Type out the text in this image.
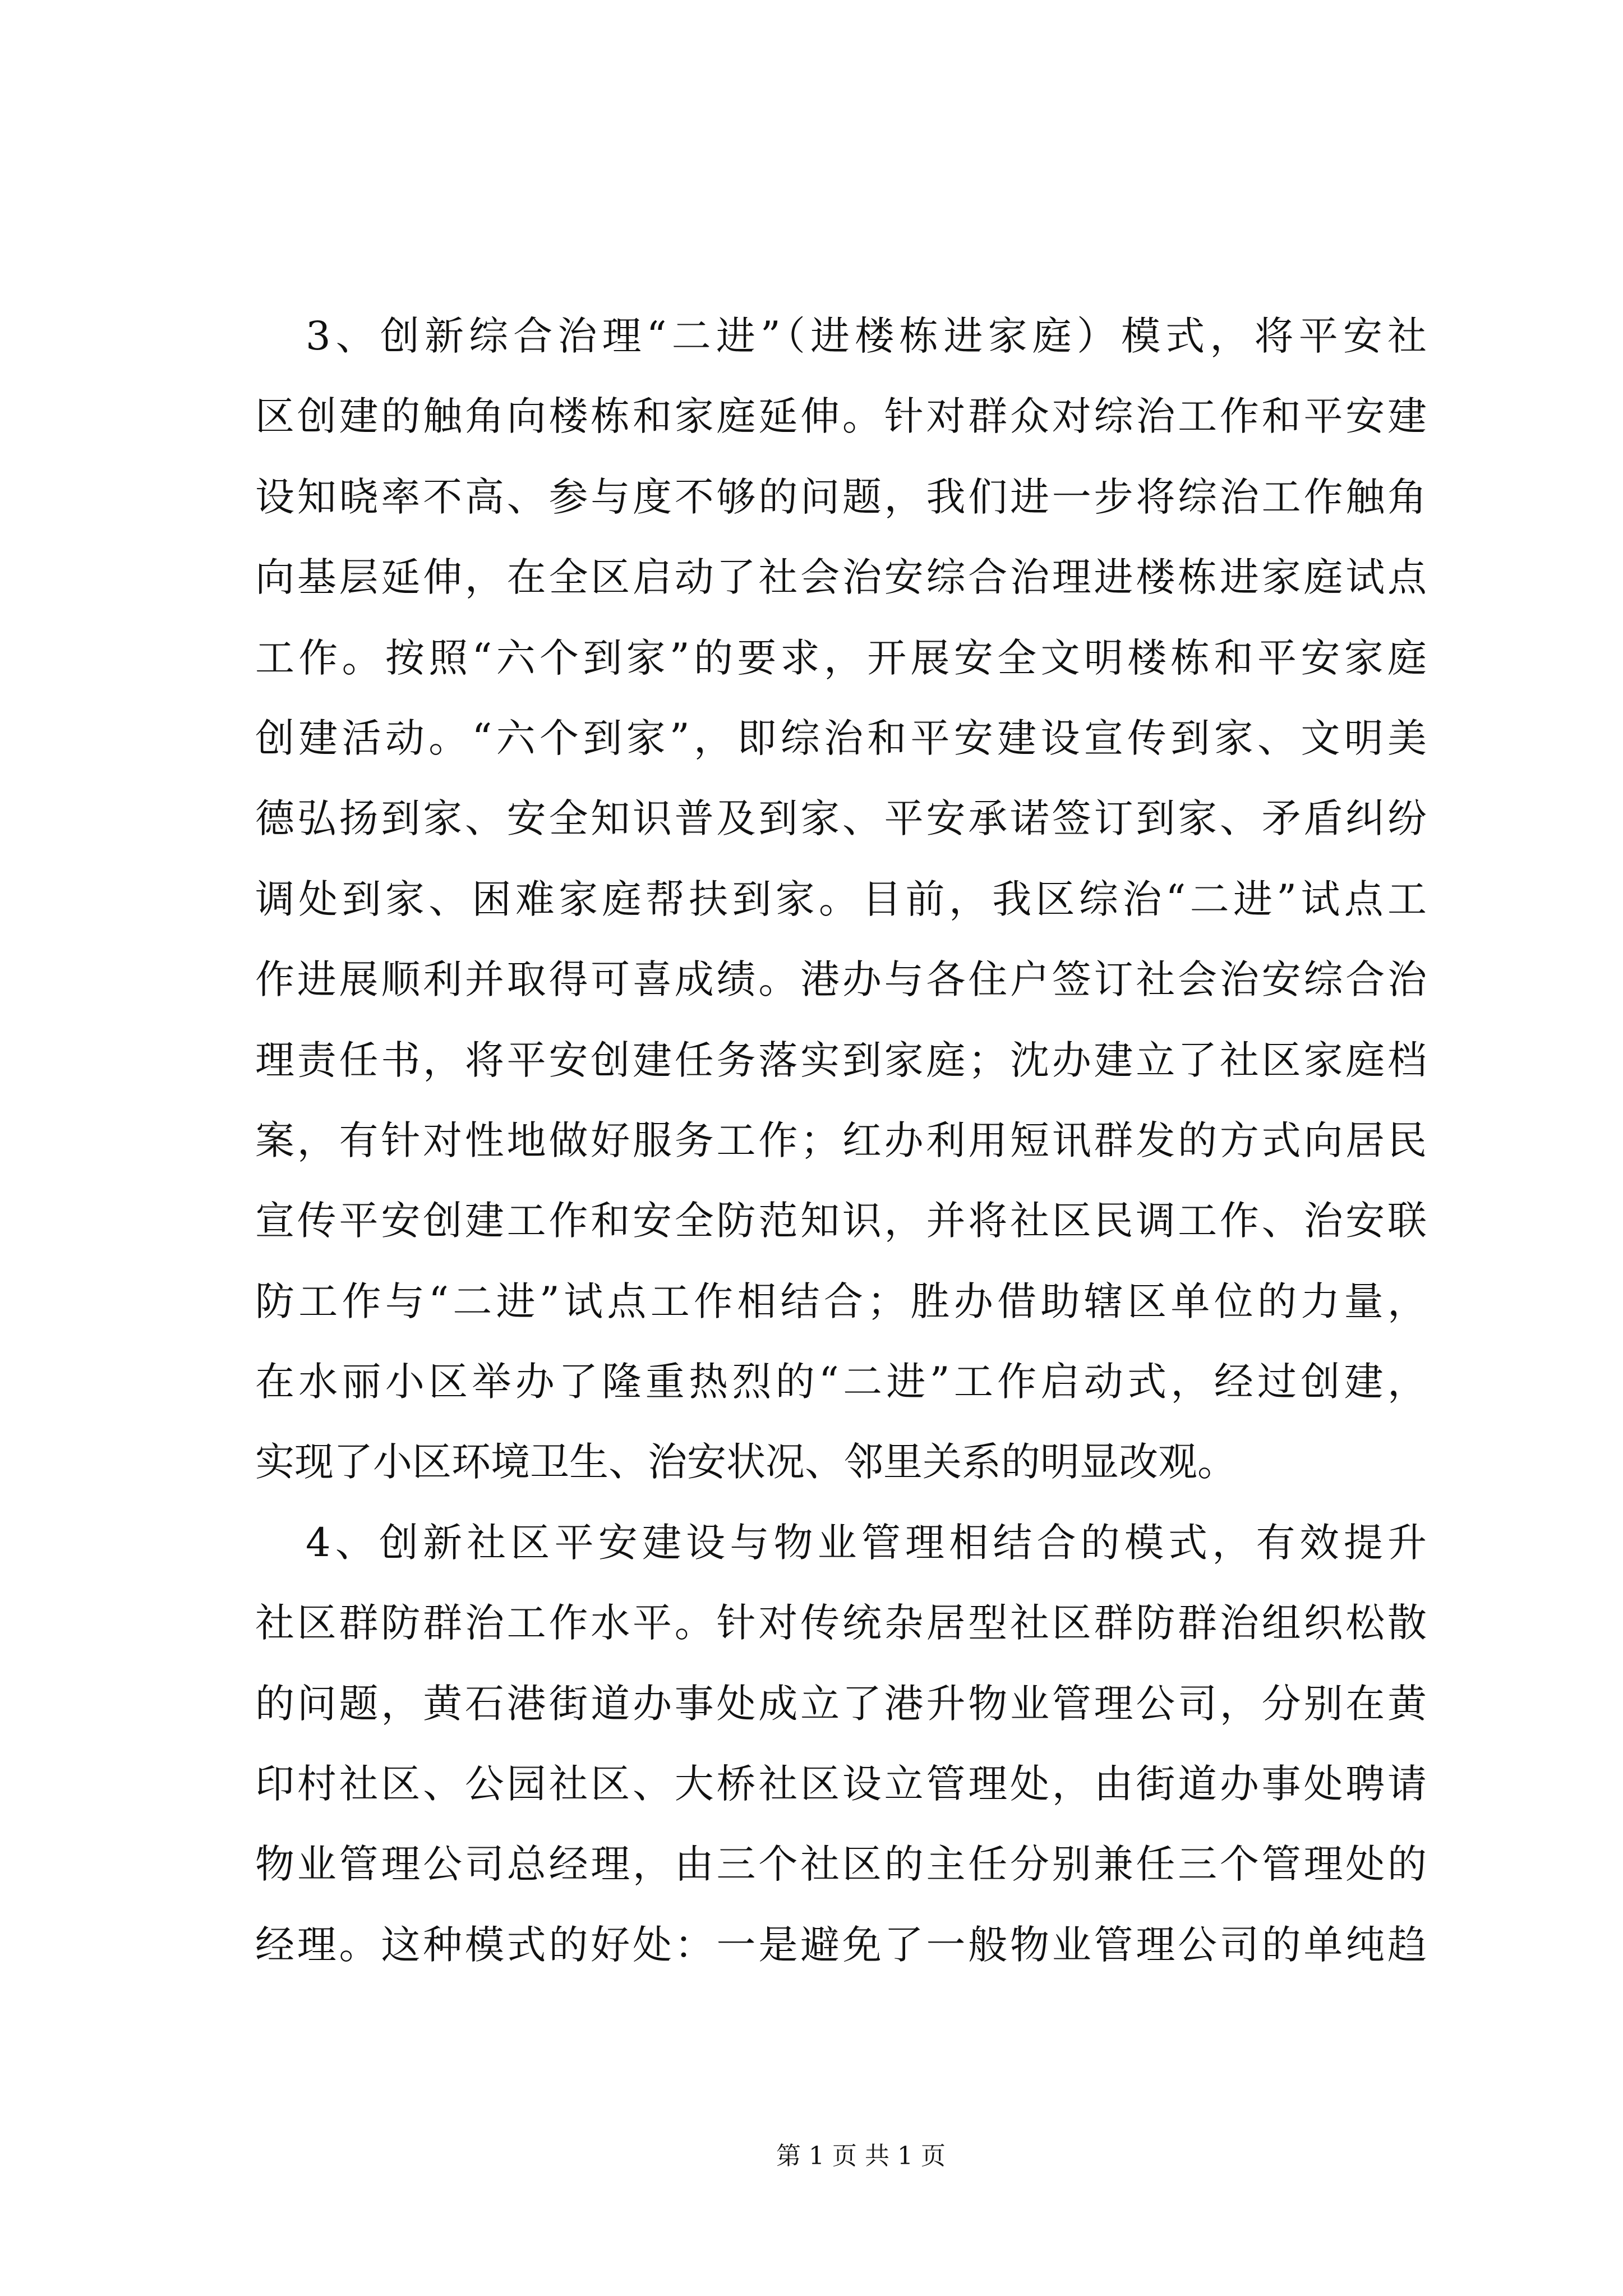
3、创新综合治理“二进”（进楼栋进家庭）模式，将平安社
区创建的触角向楼栋和家庭延伸。针对群众对综治工作和平安建
设知晓率不高、参与度不够的问题，我们进一步将综治工作触角
向基层延伸，在全区启动了社会治安综合治理进楼栋进家庭试点
工作。按照“六个到家”的要求，开展安全文明楼栋和平安家庭
创建活动。“六个到家”，即综治和平安建设宣传到家、文明美
德弘扬到家、安全知识普及到家、平安承诺签订到家、矛盾纠纷
调处到家、困难家庭帮扶到家。目前，我区综治“二进”试点工
作进展顺利并取得可喜成绩。港办与各住户签订社会治安综合治
理责任书，将平安创建任务落实到家庭；沈办建立了社区家庭档
案，有针对性地做好服务工作；红办利用短讯群发的方式向居民
宣传平安创建工作和安全防范知识，并将社区民调工作、治安联
防工作与“二进”试点工作相结合；胜办借助辖区单位的力量，
在水丽小区举办了隆重热烈的“二进”工作启动式，经过创建，
实现了小区环境卫生、治安状况、邻里关系的明显改观。
4、创新社区平安建设与物业管理相结合的模式，有效提升
社区群防群治工作水平。针对传统杂居型社区群防群治组织松散
的问题，黄石港街道办事处成立了港升物业管理公司，分别在黄
印村社区、公园社区、大桥社区设立管理处，由街道办事处聘请
物业管理公司总经理，由三个社区的主任分别兼任三个管理处的
经理。这种模式的好处：一是避免了一般物业管理公司的单纯趋
第 1 页 共 1 页
